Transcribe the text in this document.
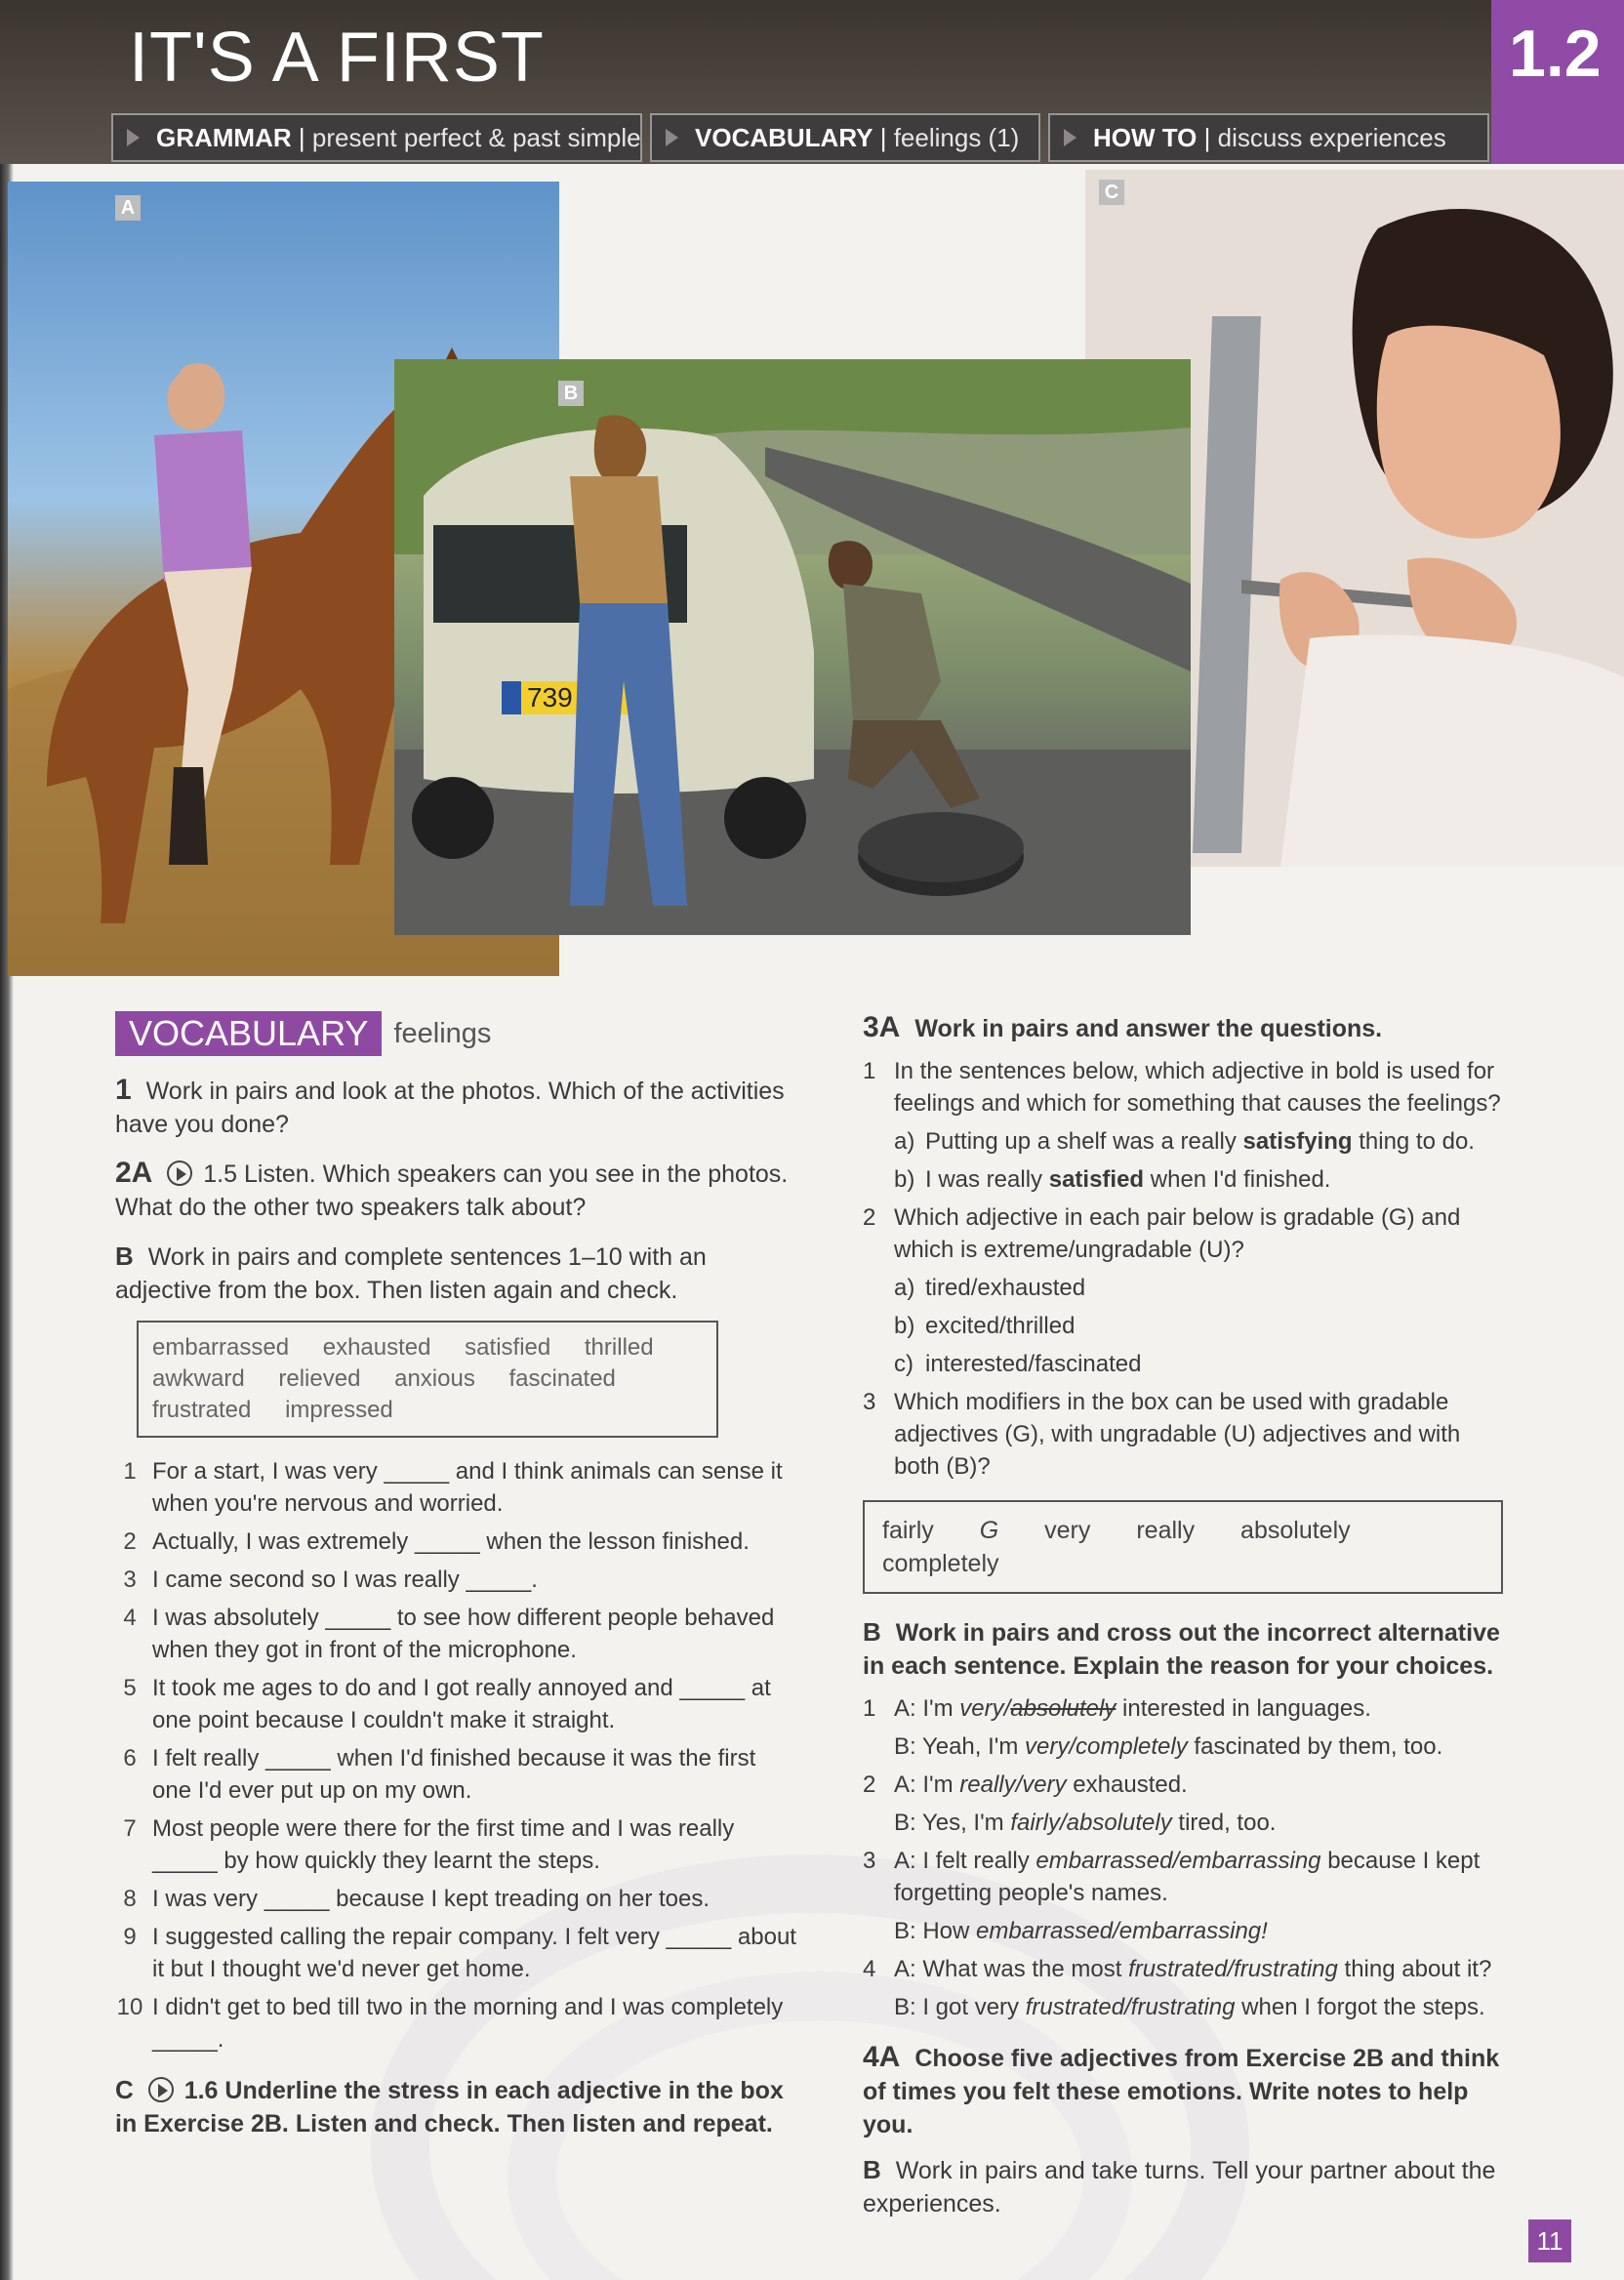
IT'S A FIRST
GRAMMAR | present perfect & past simple	VOCABULARY | feelings (1)	HOW TO | discuss experiences
1.2
A
C
739
B
VOCABULARY feelings
1 Work in pairs and look at the photos. Which of the activities have you done?
2A 1.5 Listen. Which speakers can you see in the photos. What do the other two speakers talk about?
B Work in pairs and complete sentences 1–10 with an adjective from the box. Then listen again and check.
embarrassed exhausted satisfied thrilled
awkward relieved anxious fascinated
frustrated impressed
1 For a start, I was very _____ and I think animals can sense it when you're nervous and worried.
2 Actually, I was extremely _____ when the lesson finished.
3 I came second so I was really _____.
4 I was absolutely _____ to see how different people behaved when they got in front of the microphone.
5 It took me ages to do and I got really annoyed and _____ at one point because I couldn't make it straight.
6 I felt really _____ when I'd finished because it was the first one I'd ever put up on my own.
7 Most people were there for the first time and I was really _____ by how quickly they learnt the steps.
8 I was very _____ because I kept treading on her toes.
9 I suggested calling the repair company. I felt very _____ about it but I thought we'd never get home.
10 I didn't get to bed till two in the morning and I was completely _____.
C 1.6 Underline the stress in each adjective in the box in Exercise 2B. Listen and check. Then listen and repeat.
3A Work in pairs and answer the questions.
1 In the sentences below, which adjective in bold is used for feelings and which for something that causes the feelings?
a) Putting up a shelf was a really satisfying thing to do.
b) I was really satisfied when I'd finished.
2 Which adjective in each pair below is gradable (G) and which is extreme/ungradable (U)?
a) tired/exhausted
b) excited/thrilled
c) interested/fascinated
3 Which modifiers in the box can be used with gradable adjectives (G), with ungradable (U) adjectives and with both (B)?
fairly G very really absolutely completely
B Work in pairs and cross out the incorrect alternative in each sentence. Explain the reason for your choices.
1 A: I'm very/absolutely interested in languages.
B: Yeah, I'm very/completely fascinated by them, too.
2 A: I'm really/very exhausted.
B: Yes, I'm fairly/absolutely tired, too.
3 A: I felt really embarrassed/embarrassing because I kept forgetting people's names.
B: How embarrassed/embarrassing!
4 A: What was the most frustrated/frustrating thing about it?
B: I got very frustrated/frustrating when I forgot the steps.
4A Choose five adjectives from Exercise 2B and think of times you felt these emotions. Write notes to help you.
B Work in pairs and take turns. Tell your partner about the experiences.
11
